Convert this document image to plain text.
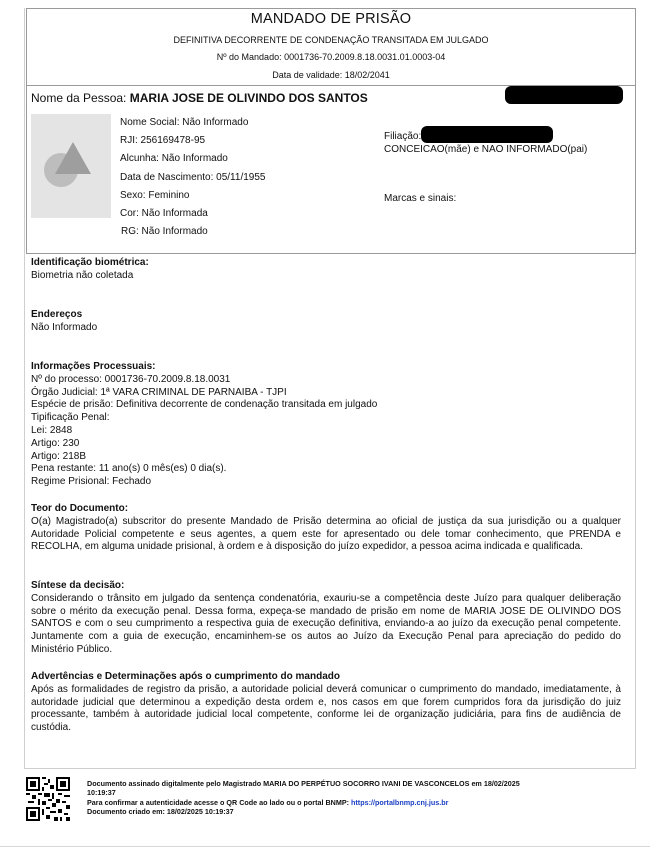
MANDADO DE PRISÃO
DEFINITIVA DECORRENTE DE CONDENAÇÃO TRANSITADA EM JULGADO
Nº do Mandado: 0001736-70.2009.8.18.0031.01.0003-04
Data de validade: 18/02/2041
Nome da Pessoa: MARIA JOSE DE OLIVINDO DOS SANTOS
Nome Social: Não Informado
RJI: 256169478-95
Alcunha: Não Informado
Data de Nascimento: 05/11/1955
Sexo: Feminino
Cor: Não Informada
RG: Não Informado
Filiação:
CONCEICAO(mãe) e NAO INFORMADO(pai)
Marcas e sinais:
Identificação biométrica:
Biometria não coletada
Endereços
Não Informado
Informações Processuais:
Nº do processo: 0001736-70.2009.8.18.0031
Órgão Judicial: 1ª VARA CRIMINAL DE PARNAIBA - TJPI
Espécie de prisão: Definitiva decorrente de condenação transitada em julgado
Tipificação Penal:
Lei: 2848
Artigo: 230
Artigo: 218B
Pena restante: 11 ano(s) 0 mês(es) 0 dia(s).
Regime Prisional: Fechado
Teor do Documento:
O(a) Magistrado(a) subscritor do presente Mandado de Prisão determina ao oficial de justiça da sua jurisdição ou a qualquer Autoridade Policial competente e seus agentes, a quem este for apresentado ou dele tomar conhecimento, que PRENDA e RECOLHA, em alguma unidade prisional, à ordem e à disposição do juízo expedidor, a pessoa acima indicada e qualificada.
Síntese da decisão:
Considerando o trânsito em julgado da sentença condenatória, exauriu-se a competência deste Juízo para qualquer deliberação sobre o mérito da execução penal. Dessa forma, expeça-se mandado de prisão em nome de MARIA JOSE DE OLIVINDO DOS SANTOS e com o seu cumprimento a respectiva guia de execução definitiva, enviando-a ao juízo da execução penal competente. Juntamente com a guia de execução, encaminhem-se os autos ao Juízo da Execução Penal para apreciação do pedido do Ministério Público.
Advertências e Determinações após o cumprimento do mandado
Após as formalidades de registro da prisão, a autoridade policial deverá comunicar o cumprimento do mandado, imediatamente, à autoridade judicial que determinou a expedição desta ordem e, nos casos em que forem cumpridos fora da jurisdição do juiz processante, também à autoridade judicial local competente, conforme lei de organização judiciária, para fins de audiência de custódia.
Documento assinado digitalmente pelo Magistrado MARIA DO PERPÉTUO SOCORRO IVANI DE VASCONCELOS em 18/02/2025
10:19:37
Para confirmar a autenticidade acesse o QR Code ao lado ou o portal BNMP: https://portalbnmp.cnj.jus.br
Documento criado em: 18/02/2025 10:19:37
